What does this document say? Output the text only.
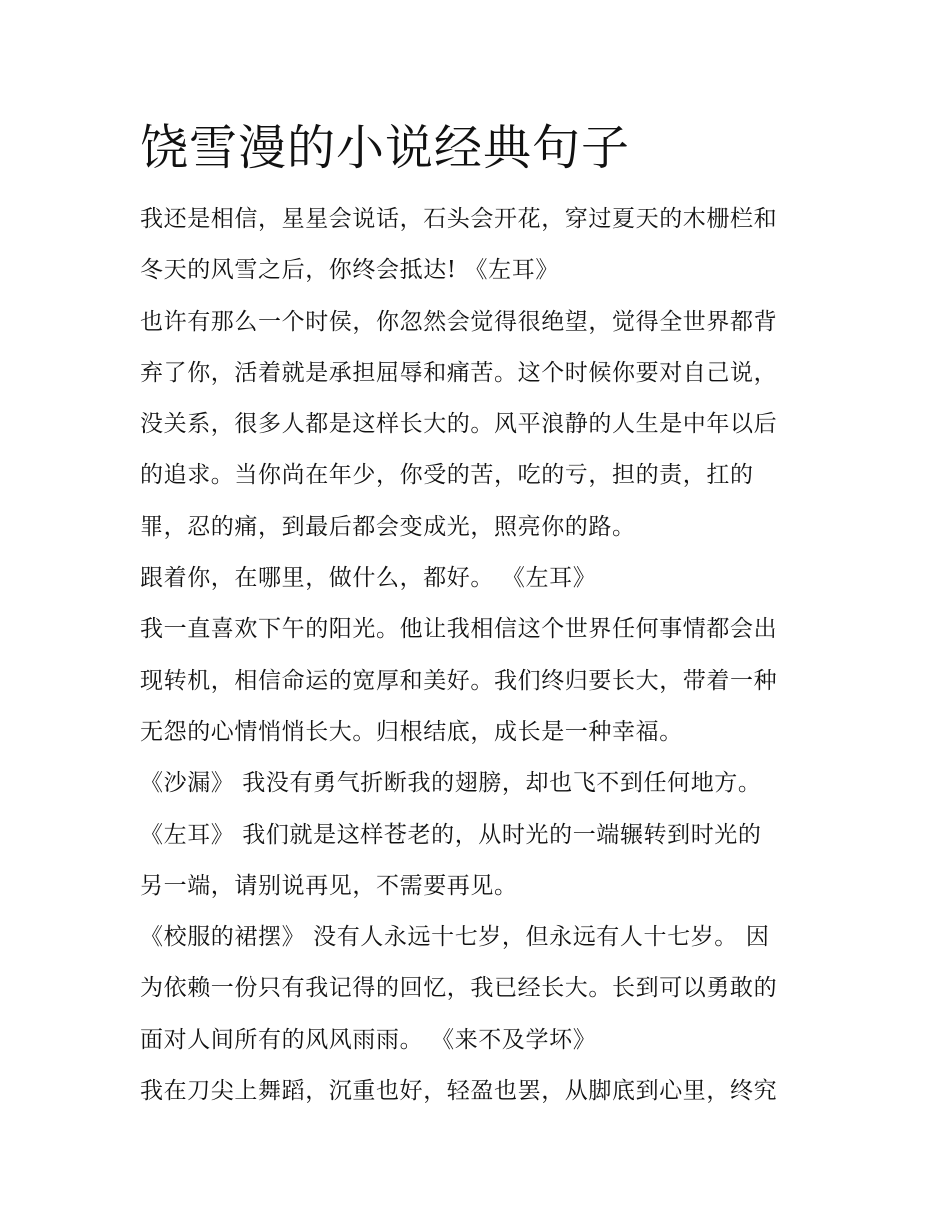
饶雪漫的小说经典句子
我还是相信，星星会说话，石头会开花，穿过夏天的木栅栏和
冬天的风雪之后，你终会抵达! 《左耳》
也许有那么一个时侯，你忽然会觉得很绝望，觉得全世界都背
弃了你，活着就是承担屈辱和痛苦。这个时候你要对自己说，
没关系，很多人都是这样长大的。风平浪静的人生是中年以后
的追求。当你尚在年少，你受的苦，吃的亏，担的责，扛的
罪，忍的痛，到最后都会变成光，照亮你的路。
跟着你，在哪里，做什么，都好。 《左耳》
我一直喜欢下午的阳光。他让我相信这个世界任何事情都会出
现转机，相信命运的宽厚和美好。我们终归要长大，带着一种
无怨的心情悄悄长大。归根结底，成长是一种幸福。
《沙漏》 我没有勇气折断我的翅膀，却也飞不到任何地方。
《左耳》 我们就是这样苍老的，从时光的一端辗转到时光的
另一端，请别说再见，不需要再见。
《校服的裙摆》 没有人永远十七岁，但永远有人十七岁。 因
为依赖一份只有我记得的回忆，我已经长大。长到可以勇敢的
面对人间所有的风风雨雨。 《来不及学坏》
我在刀尖上舞蹈，沉重也好，轻盈也罢，从脚底到心里，终究
